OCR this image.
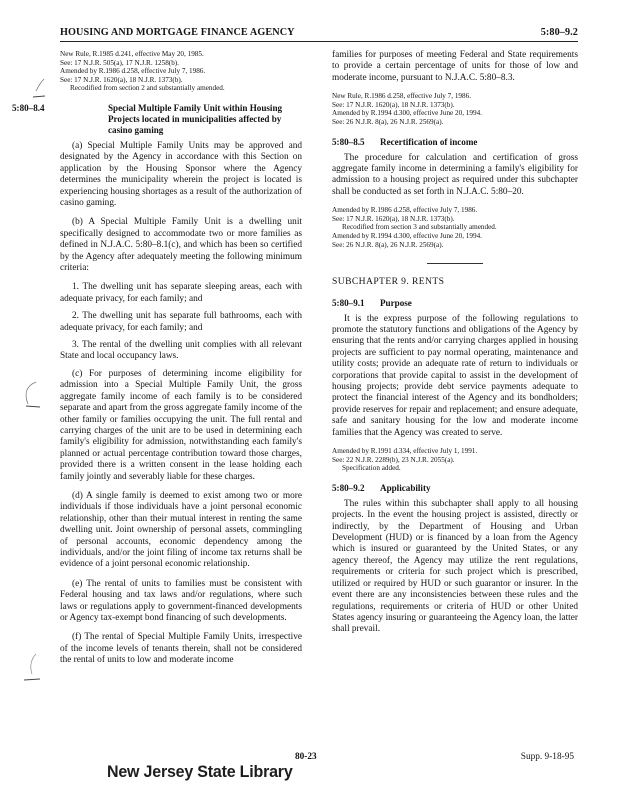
HOUSING AND MORTGAGE FINANCE AGENCY	5:80–9.2
New Rule, R.1985 d.241, effective May 20, 1985.
See: 17 N.J.R. 505(a), 17 N.J.R. 1258(b).
Amended by R.1986 d.258, effective July 7, 1986.
See: 17 N.J.R. 1620(a), 18 N.J.R. 1373(b).
Recodified from section 2 and substantially amended.
5:80–8.4	Special Multiple Family Unit within Housing Projects located in municipalities affected by casino gaming

(a) Special Multiple Family Units may be approved and designated by the Agency in accordance with this Section on application by the Housing Sponsor where the Agency determines the municipality wherein the project is located is experiencing housing shortages as a result of the authorization of casino gaming.

(b) A Special Multiple Family Unit is a dwelling unit specifically designed to accommodate two or more families as defined in N.J.A.C. 5:80–8.1(c), and which has been so certified by the Agency after adequately meeting the following minimum criteria:

1. The dwelling unit has separate sleeping areas, each with adequate privacy, for each family; and

2. The dwelling unit has separate full bathrooms, each with adequate privacy, for each family; and

3. The rental of the dwelling unit complies with all relevant State and local occupancy laws.

(c) For purposes of determining income eligibility for admission into a Special Multiple Family Unit, the gross aggregate family income of each family is to be considered separate and apart from the gross aggregate family income of the other family or families occupying the unit. The full rental and carrying charges of the unit are to be used in determining each family's eligibility for admission, notwithstanding each family's planned or actual percentage contribution toward those charges, provided there is a written consent in the lease holding each family jointly and severably liable for these charges.

(d) A single family is deemed to exist among two or more individuals if those individuals have a joint personal economic relationship, other than their mutual interest in renting the same dwelling unit. Joint ownership of personal assets, commingling of personal accounts, economic dependency among the individuals, and/or the joint filing of income tax returns shall be evidence of a joint personal economic relationship.

(e) The rental of units to families must be consistent with Federal housing and tax laws and/or regulations, where such laws or regulations apply to government-financed developments or Agency tax-exempt bond financing of such developments.

(f) The rental of Special Multiple Family Units, irrespective of the income levels of tenants therein, shall not be considered the rental of units to low and moderate income

families for purposes of meeting Federal and State requirements to provide a certain percentage of units for those of low and moderate income, pursuant to N.J.A.C. 5:80–8.3.

New Rule, R.1986 d.258, effective July 7, 1986.
See: 17 N.J.R. 1620(a), 18 N.J.R. 1373(b).
Amended by R.1994 d.300, effective June 20, 1994.
See: 26 N.J.R. 8(a), 26 N.J.R. 2569(a).
5:80–8.5 Recertification of income

The procedure for calculation and certification of gross aggregate family income in determining a family's eligibility for admission to a housing project as required under this subchapter shall be conducted as set forth in N.J.A.C. 5:80–20.

Amended by R.1986 d.258, effective July 7, 1986.
See: 17 N.J.R. 1620(a), 18 N.J.R. 1373(b).
Recodified from section 3 and substantially amended.
Amended by R.1994 d.300, effective June 20, 1994.
See: 26 N.J.R. 8(a), 26 N.J.R. 2569(a).
SUBCHAPTER 9. RENTS
5:80–9.1 Purpose

It is the express purpose of the following regulations to promote the statutory functions and obligations of the Agency by ensuring that the rents and/or carrying charges applied in housing projects are sufficient to pay normal operating, maintenance and utility costs; provide an adequate rate of return to individuals or corporations that provide capital to assist in the development of housing projects; provide debt service payments adequate to protect the financial interest of the Agency and its bondholders; provide reserves for repair and replacement; and ensure adequate, safe and sanitary housing for the low and moderate income families that the Agency was created to serve.

Amended by R.1991 d.334, effective July 1, 1991.
See: 22 N.J.R. 2289(b), 23 N.J.R. 2055(a).
Specification added.
5:80–9.2 Applicability

The rules within this subchapter shall apply to all housing projects. In the event the housing project is assisted, directly or indirectly, by the Department of Housing and Urban Development (HUD) or is financed by a loan from the Agency which is insured or guaranteed by the United States, or any agency thereof, the Agency may utilize the rent regulations, requirements or criteria for such project which is prescribed, utilized or required by HUD or such guarantor or insurer. In the event there are any inconsistencies between these rules and the regulations, requirements or criteria of HUD or other United States agency insuring or guaranteeing the Agency loan, the latter shall prevail.

80-23	Supp. 9-18-95
New Jersey State Library
